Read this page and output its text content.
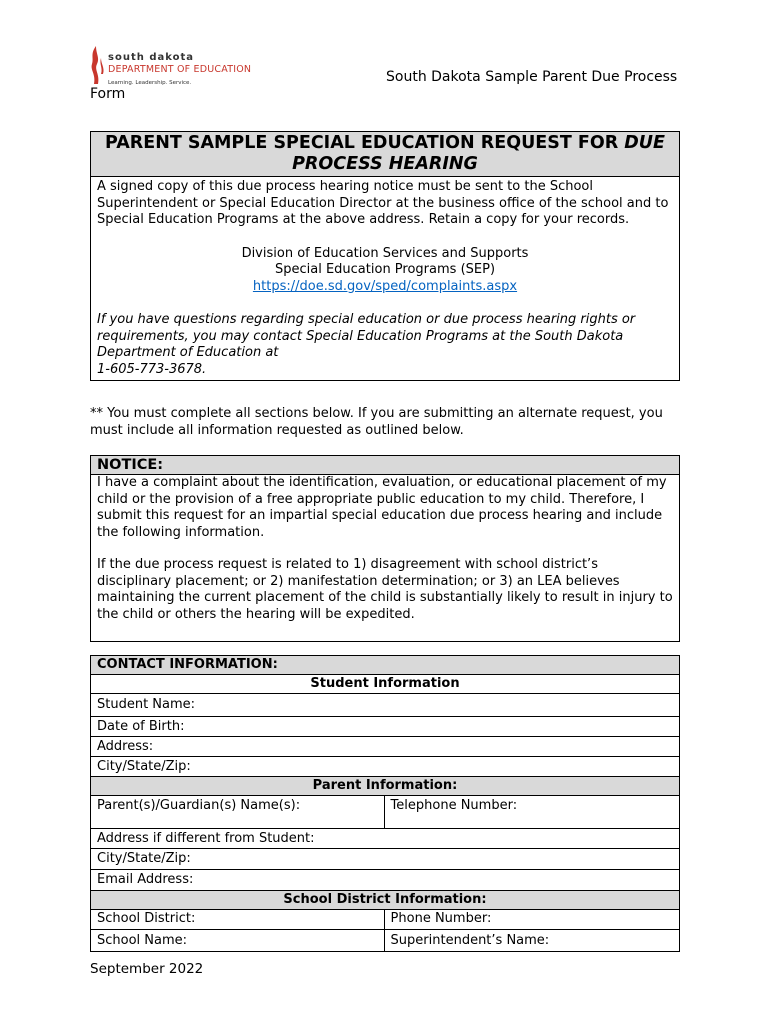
south dakota
DEPARTMENT OF EDUCATION
Learning. Leadership. Service.	South Dakota Sample Parent Due Process
Form
PARENT SAMPLE SPECIAL EDUCATION REQUEST FOR DUE PROCESS HEARING

A signed copy of this due process hearing notice must be sent to the School Superintendent or Special Education Director at the business office of the school and to Special Education Programs at the above address. Retain a copy for your records.

Division of Education Services and Supports

Special Education Programs (SEP)

https://doe.sd.gov/sped/complaints.aspx

If you have questions regarding special education or due process hearing rights or requirements, you may contact Special Education Programs at the South Dakota Department of Education at

1-605-773-3678.

** You must complete all sections below. If you are submitting an alternate request, you must include all information requested as outlined below.
NOTICE:

I have a complaint about the identification, evaluation, or educational placement of my child or the provision of a free appropriate public education to my child. Therefore, I submit this request for an impartial special education due process hearing and include the following information.

If the due process request is related to 1) disagreement with school district’s disciplinary placement; or 2) manifestation determination; or 3) an LEA believes maintaining the current placement of the child is substantially likely to result in injury to the child or others the hearing will be expedited.

CONTACT INFORMATION:	
Student Information	
Student Name:	
Date of Birth:	
Address:	
City/State/Zip:	
Parent Information:	
Parent(s)/Guardian(s) Name(s):	Telephone Number:
Address if different from Student:	
City/State/Zip:	
Email Address:	
School District Information:	
School District:	Phone Number:
School Name:	Superintendent’s Name:
September 2022
